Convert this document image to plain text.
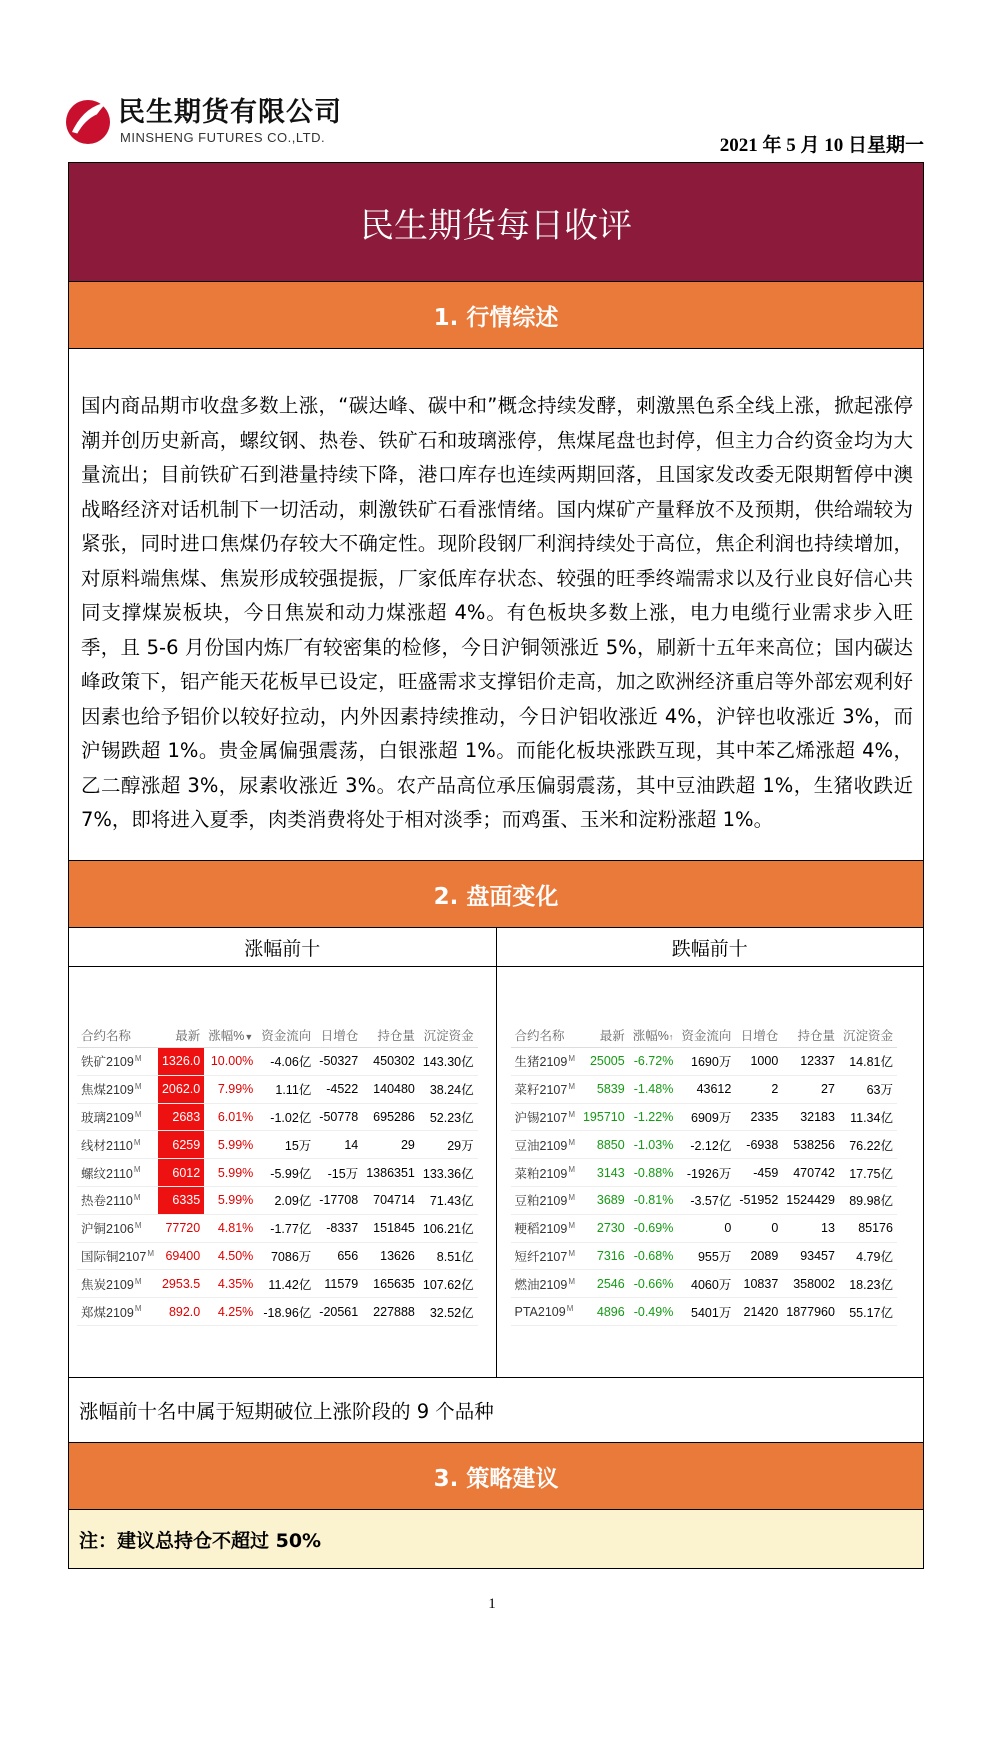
民生期货有限公司
MINSHENG FUTURES CO.,LTD.	2021 年 5 月 10 日星期一
民生期货每日收评
1. 行情综述
国内商品期市收盘多数上涨，“碳达峰、碳中和”概念持续发酵，刺激黑色系全线上涨，掀起涨停潮并创历史新高，螺纹钢、热卷、铁矿石和玻璃涨停，焦煤尾盘也封停，但主力合约资金均为大量流出；目前铁矿石到港量持续下降，港口库存也连续两期回落，且国家发改委无限期暂停中澳战略经济对话机制下一切活动，刺激铁矿石看涨情绪。国内煤矿产量释放不及预期，供给端较为紧张，同时进口焦煤仍存较大不确定性。现阶段钢厂利润持续处于高位，焦企利润也持续增加，对原料端焦煤、焦炭形成较强提振，厂家低库存状态、较强的旺季终端需求以及行业良好信心共同支撑煤炭板块，今日焦炭和动力煤涨超 4%。有色板块多数上涨，电力电缆行业需求步入旺季，且 5-6 月份国内炼厂有较密集的检修，今日沪铜领涨近 5%，刷新十五年来高位；国内碳达峰政策下，铝产能天花板早已设定，旺盛需求支撑铝价走高，加之欧洲经济重启等外部宏观利好因素也给予铝价以较好拉动，内外因素持续推动，今日沪铝收涨近 4%，沪锌也收涨近 3%，而沪锡跌超 1%。贵金属偏强震荡，白银涨超 1%。而能化板块涨跌互现，其中苯乙烯涨超 4%，乙二醇涨超 3%，尿素收涨近 3%。农产品高位承压偏弱震荡，其中豆油跌超 1%，生猪收跌近 7%，即将进入夏季，肉类消费将处于相对淡季；而鸡蛋、玉米和淀粉涨超 1%。
2. 盘面变化
涨幅前十	跌幅前十
合约名称	最新	涨幅%▼	资金流向	日增仓	持仓量	沉淀资金
铁矿$2109^M$	1326.0	10.00%	-4.06亿	-50327	450302	143.30亿
焦煤$2109^M$	2062.0	7.99%	1.11亿	-4522	140480	38.24亿
玻璃$2109^M$	2683	6.01%	-1.02亿	-50778	695286	52.23亿
线材$2110^M$	6259	5.99%	15万	14	29	29万
螺纹$2110^M$	6012	5.99%	-5.99亿	-15万	1386351	133.36亿
热卷$2110^M$	6335	5.99%	2.09亿	-17708	704714	71.43亿
沪铜$2106^M$	77720	4.81%	-1.77亿	-8337	151845	106.21亿
国际铜$2107^M$	69400	4.50%	7086万	656	13626	8.51亿
焦炭$2109^M$	2953.5	4.35%	11.42亿	11579	165635	107.62亿
郑煤$2109^M$	892.0	4.25%	-18.96亿	-20561	227888	32.52亿
合约名称	最新	涨幅%↑	资金流向	日增仓	持仓量	沉淀资金
生猪$2109^M$	25005	-6.72%	1690万	1000	12337	14.81亿
菜籽$2107^M$	5839	-1.48%	43612	2	27	63万
沪锡$2107^M$	195710	-1.22%	6909万	2335	32183	11.34亿
豆油$2109^M$	8850	-1.03%	-2.12亿	-6938	538256	76.22亿
菜粕$2109^M$	3143	-0.88%	-1926万	-459	470742	17.75亿
豆粕$2109^M$	3689	-0.81%	-3.57亿	-51952	1524429	89.98亿
粳稻$2109^M$	2730	-0.69%	0	0	13	85176
短纤$2107^M$	7316	-0.68%	955万	2089	93457	4.79亿
燃油$2109^M$	2546	-0.66%	4060万	10837	358002	18.23亿
$PTA2109^M$	4896	-0.49%	5401万	21420	1877960	55.17亿
涨幅前十名中属于短期破位上涨阶段的 9 个品种
3. 策略建议
注：建议总持仓不超过 50%
1
